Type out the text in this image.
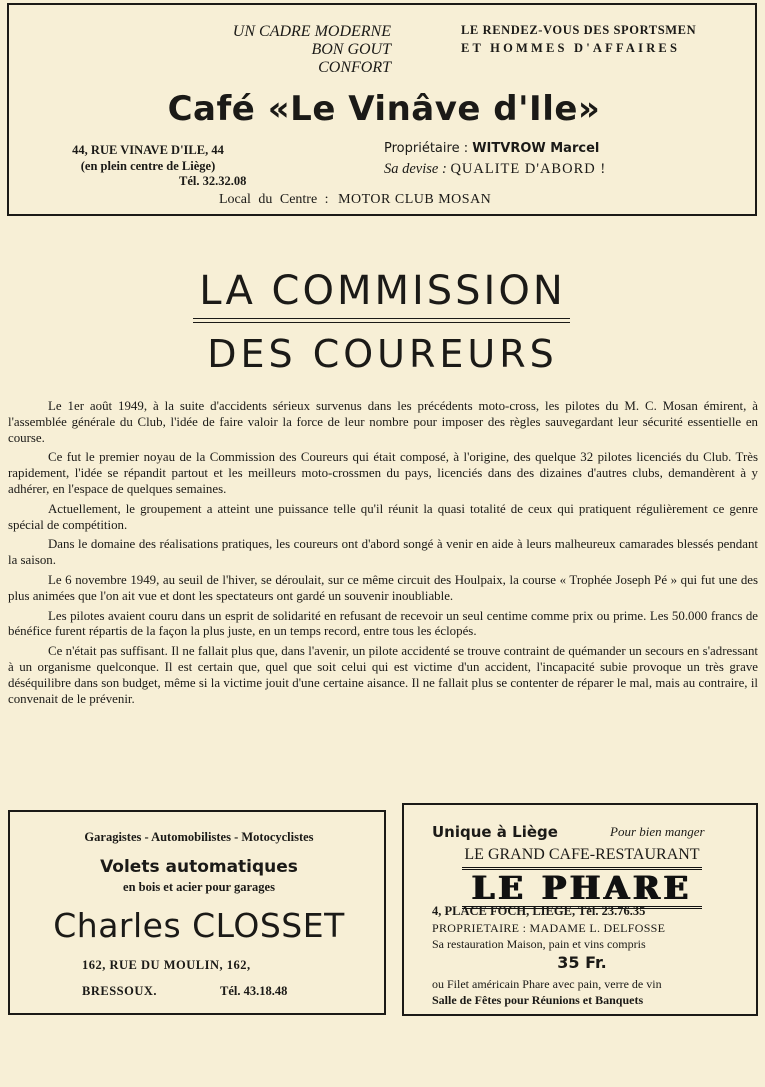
UN CADRE MODERNE
BON GOUT
CONFORT
LE RENDEZ-VOUS DES SPORTSMEN
ET HOMMES D'AFFAIRES
Café «Le Vinâve d'Ile»
44, RUE VINAVE D'ILE, 44
(en plein centre de Liège)
Tél. 32.32.08
Propriétaire : WITVROW Marcel
Sa devise : QUALITE D'ABORD !
Local du Centre : MOTOR CLUB MOSAN
LA COMMISSION
DES COUREURS

Le 1er août 1949, à la suite d'accidents sérieux survenus dans les précédents moto-cross, les pilotes du M. C. Mosan émirent, à l'assemblée générale du Club, l'idée de faire valoir la force de leur nombre pour imposer des règles sauvegardant leur sécurité essentielle en course.

Ce fut le premier noyau de la Commission des Coureurs qui était composé, à l'origine, des quelque 32 pilotes licenciés du Club. Très rapidement, l'idée se répandit partout et les meilleurs moto-crossmen du pays, licenciés dans des dizaines d'autres clubs, demandèrent à y adhérer, en l'espace de quelques semaines.

Actuellement, le groupement a atteint une puissance telle qu'il réunit la quasi totalité de ceux qui pratiquent régulièrement ce genre spécial de compétition.

Dans le domaine des réalisations pratiques, les coureurs ont d'abord songé à venir en aide à leurs malheureux camarades blessés pendant la saison.

Le 6 novembre 1949, au seuil de l'hiver, se déroulait, sur ce même circuit des Houlpaix, la course « Trophée Joseph Pé » qui fut une des plus animées que l'on ait vue et dont les spectateurs ont gardé un souvenir inoubliable.

Les pilotes avaient couru dans un esprit de solidarité en refusant de recevoir un seul centime comme prix ou prime. Les 50.000 francs de bénéfice furent répartis de la façon la plus juste, en un temps record, entre tous les éclopés.

Ce n'était pas suffisant. Il ne fallait plus que, dans l'avenir, un pilote accidenté se trouve contraint de quémander un secours en s'adressant à un organisme quelconque. Il est certain que, quel que soit celui qui est victime d'un accident, l'incapacité subie provoque un très grave déséquilibre dans son budget, même si la victime jouit d'une certaine aisance. Il ne fallait plus se contenter de réparer le mal, mais au contraire, il convenait de le prévenir.

Garagistes - Automobilistes - Motocyclistes
Volets automatiques
en bois et acier pour garages
Charles CLOSSET
162, RUE DU MOULIN, 162,
BRESSOUX.	Tél. 43.18.48
Unique à Liège	Pour bien manger
LE GRAND CAFE-RESTAURANT
LE PHARE
4, PLACE FOCH, LIEGE, Tél. 23.76.35
PROPRIETAIRE : MADAME L. DELFOSSE
Sa restauration Maison, pain et vins compris
35 Fr.
ou Filet américain Phare avec pain, verre de vin
Salle de Fêtes pour Réunions et Banquets
